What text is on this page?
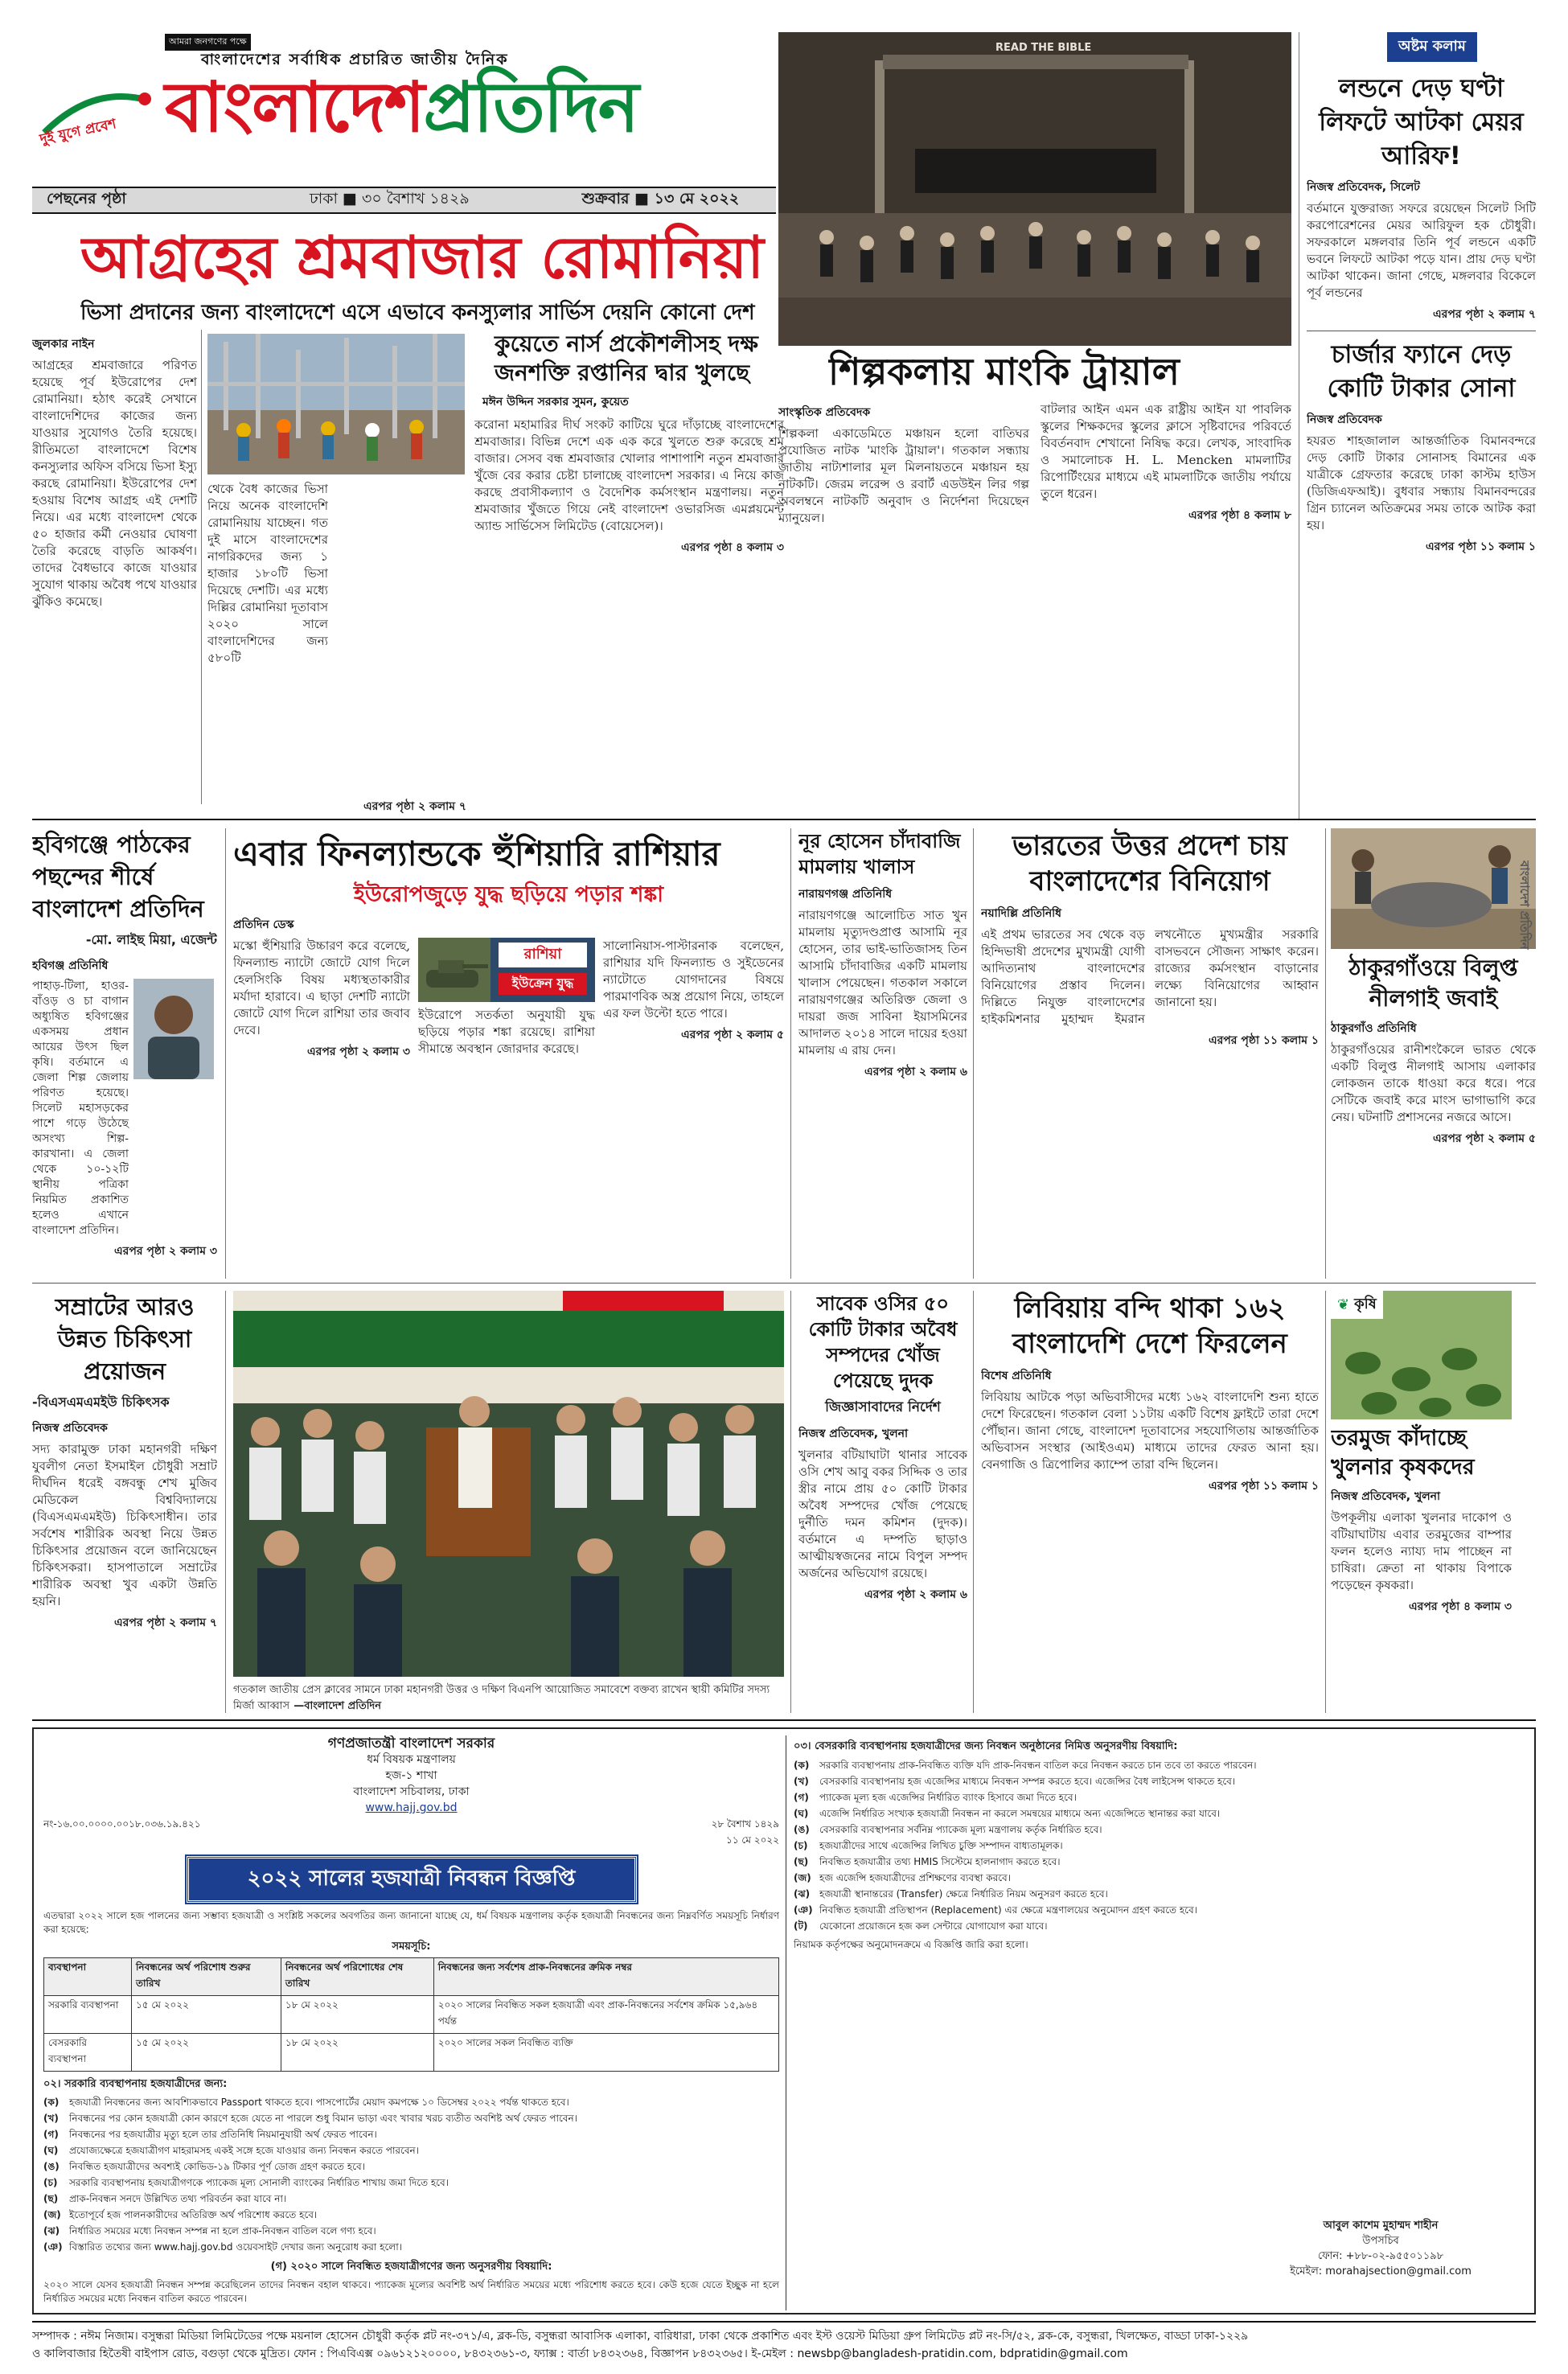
আমরা জনগণের পক্ষে
বাংলাদেশের সর্বাধিক প্রচারিত জাতীয় দৈনিক
দুই যুগে প্রবেশ বাংলাদেশপ্রতিদিন
পেছনের পৃষ্ঠা	ঢাকা ■ ৩০ বৈশাখ ১৪২৯	শুক্রবার ■ ১৩ মে ২০২২
আগ্রহের শ্রমবাজার রোমানিয়া
ভিসা প্রদানের জন্য বাংলাদেশে এসে এভাবে কনস্যুলার সার্ভিস দেয়নি কোনো দেশ
জুলকার নাইন
আগ্রহের শ্রমবাজারে পরিণত হয়েছে পূর্ব ইউরোপের দেশ রোমানিয়া। হঠাৎ করেই সেখানে বাংলাদেশিদের কাজের জন্য যাওয়ার সুযোগও তৈরি হয়েছে। রীতিমতো বাংলাদেশে বিশেষ কনস্যুলার অফিস বসিয়ে ভিসা ইস্যু করছে রোমানিয়া। ইউরোপের দেশ হওয়ায় বিশেষ আগ্রহ এই দেশটি নিয়ে। এর মধ্যে বাংলাদেশ থেকে ৫০ হাজার কর্মী নেওয়ার ঘোষণা তৈরি করেছে বাড়তি আকর্ষণ। তাদের বৈধভাবে কাজে যাওয়ার সুযোগ থাকায় অবৈধ পথে যাওয়ার ঝুঁকিও কমেছে।
থেকে বৈধ কাজের ভিসা নিয়ে অনেক বাংলাদেশি রোমানিয়ায় যাচ্ছেন। গত দুই মাসে বাংলাদেশের নাগরিকদের জন্য ১ হাজার ১৮০টি ভিসা দিয়েছে দেশটি। এর মধ্যে দিল্লির রোমানিয়া দূতাবাস ২০২০ সালে বাংলাদেশিদের জন্য ৫৮০টি
এরপর পৃষ্ঠা ২ কলাম ৭
কুয়েতে নার্স প্রকৌশলীসহ দক্ষ জনশক্তি রপ্তানির দ্বার খুলছে
মঈন উদ্দিন সরকার সুমন, কুয়েত
করোনা মহামারির দীর্ঘ সংকট কাটিয়ে ঘুরে দাঁড়াচ্ছে বাংলাদেশের শ্রমবাজার। বিভিন্ন দেশে এক এক করে খুলতে শুরু করেছে শ্রম বাজার। সেসব বন্ধ শ্রমবাজার খোলার পাশাপাশি নতুন শ্রমবাজার খুঁজে বের করার চেষ্টা চালাচ্ছে বাংলাদেশ সরকার। এ নিয়ে কাজ করছে প্রবাসীকল্যাণ ও বৈদেশিক কর্মসংস্থান মন্ত্রণালয়। নতুন শ্রমবাজার খুঁজতে গিয়ে নেই বাংলাদেশ ওভারসিজ এমপ্লয়মেন্ট অ্যান্ড সার্ভিসেস লিমিটেড (বোয়েসেল)।
এরপর পৃষ্ঠা ৪ কলাম ৩
READ THE BIBLE
শিল্পকলায় মাংকি ট্রায়াল
সাংস্কৃতিক প্রতিবেদক
শিল্পকলা একাডেমিতে মঞ্চায়ন হলো বাতিঘর প্রযোজিত নাটক 'মাংকি ট্রায়াল'। গতকাল সন্ধ্যায় জাতীয় নাট্যশালার মূল মিলনায়তনে মঞ্চায়ন হয় নাটকটি। জেরম লরেন্স ও রবার্ট এডউইন লির গল্প অবলম্বনে নাটকটি অনুবাদ ও নির্দেশনা দিয়েছেন ম্যানুয়েল।
বাটলার আইন এমন এক রাষ্ট্রীয় আইন যা পাবলিক স্কুলের শিক্ষকদের স্কুলের ক্লাসে সৃষ্টিবাদের পরিবর্তে বিবর্তনবাদ শেখানো নিষিদ্ধ করে। লেখক, সাংবাদিক ও সমালোচক H. L. Mencken মামলাটির রিপোর্টিংয়ের মাধ্যমে এই মামলাটিকে জাতীয় পর্যায়ে তুলে ধরেন।
এরপর পৃষ্ঠা ৪ কলাম ৮
অষ্টম কলাম
লন্ডনে দেড় ঘণ্টা লিফটে আটকা মেয়র আরিফ!
নিজস্ব প্রতিবেদক, সিলেট
বর্তমানে যুক্তরাজ্য সফরে রয়েছেন সিলেট সিটি করপোরেশনের মেয়র আরিফুল হক চৌধুরী। সফরকালে মঙ্গলবার তিনি পূর্ব লন্ডনে একটি ভবনে লিফটে আটকা পড়ে যান। প্রায় দেড় ঘণ্টা আটকা থাকেন। জানা গেছে, মঙ্গলবার বিকেলে পূর্ব লন্ডনের
এরপর পৃষ্ঠা ২ কলাম ৭
চার্জার ফ্যানে দেড় কোটি টাকার সোনা
নিজস্ব প্রতিবেদক
হযরত শাহজালাল আন্তর্জাতিক বিমানবন্দরে দেড় কোটি টাকার সোনাসহ বিমানের এক যাত্রীকে গ্রেফতার করেছে ঢাকা কাস্টম হাউস (ডিজিএফআই)। বুধবার সন্ধ্যায় বিমানবন্দরের গ্রিন চ্যানেল অতিক্রমের সময় তাকে আটক করা হয়।
এরপর পৃষ্ঠা ১১ কলাম ১
হবিগঞ্জে পাঠকের পছন্দের শীর্ষে বাংলাদেশ প্রতিদিন
-মো. লাইছ মিয়া, এজেন্ট
হবিগঞ্জ প্রতিনিধি
পাহাড়-টিলা, হাওর-বাঁওড় ও চা বাগান অধ্যুষিত হবিগঞ্জের একসময় প্রধান আয়ের উৎস ছিল কৃষি। বর্তমানে এ জেলা শিল্প জেলায় পরিণত হয়েছে। সিলেট মহাসড়কের পাশে গড়ে উঠেছে অসংখ্য শিল্প-কারখানা। এ জেলা থেকে ১০-১২টি স্থানীয় পত্রিকা নিয়মিত প্রকাশিত হলেও এখানে বাংলাদেশ প্রতিদিন।
এরপর পৃষ্ঠা ২ কলাম ৩
এবার ফিনল্যান্ডকে হুঁশিয়ারি রাশিয়ার
ইউরোপজুড়ে যুদ্ধ ছড়িয়ে পড়ার শঙ্কা
প্রতিদিন ডেস্ক
মস্কো হুঁশিয়ারি উচ্চারণ করে বলেছে, ফিনল্যান্ড ন্যাটো জোটে যোগ দিলে হেলসিংকি বিষয় মধ্যস্থতাকারীর মর্যাদা হারাবে। এ ছাড়া দেশটি ন্যাটো জোটে যোগ দিলে রাশিয়া তার জবাব দেবে।
এরপর পৃষ্ঠা ২ কলাম ৩
রাশিয়া
ইউক্রেন যুদ্ধ
ইউরোপে সতর্কতা অনুযায়ী যুদ্ধ ছড়িয়ে পড়ার শঙ্কা রয়েছে। রাশিয়া সীমান্তে অবস্থান জোরদার করেছে।
সালোনিয়াস-পাস্টারনাক বলেছেন, রাশিয়ার যদি ফিনল্যান্ড ও সুইডেনের ন্যাটোতে যোগদানের বিষয়ে পারমাণবিক অস্ত্র প্রয়োগ নিয়ে, তাহলে এর ফল উল্টো হতে পারে।
এরপর পৃষ্ঠা ২ কলাম ৫
নূর হোসেন চাঁদাবাজি মামলায় খালাস
নারায়ণগঞ্জ প্রতিনিধি
নারায়ণগঞ্জে আলোচিত সাত খুন মামলায় মৃত্যুদণ্ডপ্রাপ্ত আসামি নূর হোসেন, তার ভাই-ভাতিজাসহ তিন আসামি চাঁদাবাজির একটি মামলায় খালাস পেয়েছেন। গতকাল সকালে নারায়ণগঞ্জের অতিরিক্ত জেলা ও দায়রা জজ সাবিনা ইয়াসমিনের আদালত ২০১৪ সালে দায়ের হওয়া মামলায় এ রায় দেন।
এরপর পৃষ্ঠা ২ কলাম ৬
ভারতের উত্তর প্রদেশ চায় বাংলাদেশের বিনিয়োগ
নয়াদিল্লি প্রতিনিধি
এই প্রথম ভারতের সব থেকে বড় হিন্দিভাষী প্রদেশের মুখ্যমন্ত্রী যোগী আদিত্যনাথ বাংলাদেশের বিনিয়োগের প্রস্তাব দিলেন। দিল্লিতে নিযুক্ত বাংলাদেশের হাইকমিশনার মুহাম্মদ ইমরান লখনৌতে মুখ্যমন্ত্রীর সরকারি বাসভবনে সৌজন্য সাক্ষাৎ করেন। রাজ্যের কর্মসংস্থান বাড়ানোর লক্ষ্যে বিনিয়োগের আহ্বান জানানো হয়।
এরপর পৃষ্ঠা ১১ কলাম ১
ঠাকুরগাঁওয়ে বিলুপ্ত নীলগাই জবাই
ঠাকুরগাঁও প্রতিনিধি
ঠাকুরগাঁওয়ের রানীশংকৈলে ভারত থেকে একটি বিলুপ্ত নীলগাই আসায় এলাকার লোকজন তাকে ধাওয়া করে ধরে। পরে সেটিকে জবাই করে মাংস ভাগাভাগি করে নেয়। ঘটনাটি প্রশাসনের নজরে আসে।
এরপর পৃষ্ঠা ২ কলাম ৫
সম্রাটের আরও উন্নত চিকিৎসা প্রয়োজন
-বিএসএমএমইউ চিকিৎসক
নিজস্ব প্রতিবেদক
সদ্য কারামুক্ত ঢাকা মহানগরী দক্ষিণ যুবলীগ নেতা ইসমাইল চৌধুরী সম্রাট দীর্ঘদিন ধরেই বঙ্গবন্ধু শেখ মুজিব মেডিকেল বিশ্ববিদ্যালয়ে (বিএসএমএমইউ) চিকিৎসাধীন। তার সর্বশেষ শারীরিক অবস্থা নিয়ে উন্নত চিকিৎসার প্রয়োজন বলে জানিয়েছেন চিকিৎসকরা। হাসপাতালে সম্রাটের শারীরিক অবস্থা খুব একটা উন্নতি হয়নি।
এরপর পৃষ্ঠা ২ কলাম ৭
গতকাল জাতীয় প্রেস ক্লাবের সামনে ঢাকা মহানগরী উত্তর ও দক্ষিণ বিএনপি আয়োজিত সমাবেশে বক্তব্য রাখেন স্থায়ী কমিটির সদস্য মির্জা আব্বাস —বাংলাদেশ প্রতিদিন
সাবেক ওসির ৫০ কোটি টাকার অবৈধ সম্পদের খোঁজ পেয়েছে দুদক
জিজ্ঞাসাবাদের নির্দেশ
নিজস্ব প্রতিবেদক, খুলনা
খুলনার বটিয়াঘাটা থানার সাবেক ওসি শেখ আবু বকর সিদ্দিক ও তার স্ত্রীর নামে প্রায় ৫০ কোটি টাকার অবৈধ সম্পদের খোঁজ পেয়েছে দুর্নীতি দমন কমিশন (দুদক)। বর্তমানে এ দম্পতি ছাড়াও আত্মীয়স্বজনের নামে বিপুল সম্পদ অর্জনের অভিযোগ রয়েছে।
এরপর পৃষ্ঠা ২ কলাম ৬
লিবিয়ায় বন্দি থাকা ১৬২ বাংলাদেশি দেশে ফিরলেন
বিশেষ প্রতিনিধি
লিবিয়ায় আটকে পড়া অভিবাসীদের মধ্যে ১৬২ বাংলাদেশি শুন্য হাতে দেশে ফিরেছেন। গতকাল বেলা ১১টায় একটি বিশেষ ফ্লাইটে তারা দেশে পৌঁছান। জানা গেছে, বাংলাদেশ দূতাবাসের সহযোগিতায় আন্তর্জাতিক অভিবাসন সংস্থার (আইওএম) মাধ্যমে তাদের ফেরত আনা হয়। বেনগাজি ও ত্রিপোলির ক্যাম্পে তারা বন্দি ছিলেন।
এরপর পৃষ্ঠা ১১ কলাম ১
❦ কৃষি
তরমুজ কাঁদাচ্ছে খুলনার কৃষকদের
নিজস্ব প্রতিবেদক, খুলনা
উপকূলীয় এলাকা খুলনার দাকোপ ও বটিয়াঘাটায় এবার তরমুজের বাম্পার ফলন হলেও ন্যায্য দাম পাচ্ছেন না চাষিরা। ক্রেতা না থাকায় বিপাকে পড়েছেন কৃষকরা।
এরপর পৃষ্ঠা ৪ কলাম ৩
বাংলাদেশ প্রতিদিন
গণপ্রজাতন্ত্রী বাংলাদেশ সরকার
ধর্ম বিষয়ক মন্ত্রণালয়
হজ-১ শাখা
বাংলাদেশ সচিবালয়, ঢাকা
www.hajj.gov.bd
নং-১৬.০০.০০০০.০০১৮.০৩৬.১৯.৪২১	২৮ বৈশাখ ১৪২৯
১১ মে ২০২২
২০২২ সালের হজযাত্রী নিবন্ধন বিজ্ঞপ্তি
এতদ্বারা ২০২২ সালে হজ পালনের জন্য সম্ভাব্য হজযাত্রী ও সংশ্লিষ্ট সকলের অবগতির জন্য জানানো যাচ্ছে যে, ধর্ম বিষয়ক মন্ত্রণালয় কর্তৃক হজযাত্রী নিবন্ধনের জন্য নিম্নবর্ণিত সময়সূচি নির্ধারণ করা হয়েছে:
সময়সূচি:
ব্যবস্থাপনা	নিবন্ধনের অর্থ পরিশোধ শুরুর তারিখ	নিবন্ধনের অর্থ পরিশোধের শেষ তারিখ	নিবন্ধনের জন্য সর্বশেষ প্রাক-নিবন্ধনের ক্রমিক নম্বর
সরকারি ব্যবস্থাপনা	১৫ মে ২০২২	১৮ মে ২০২২	২০২০ সালের নিবন্ধিত সকল হজযাত্রী এবং প্রাক-নিবন্ধনের সর্বশেষ ক্রমিক ১৫,৯৬৪ পর্যন্ত
বেসরকারি ব্যবস্থাপনা	১৫ মে ২০২২	১৮ মে ২০২২	২০২০ সালের সকল নিবন্ধিত ব্যক্তি
০২। সরকারি ব্যবস্থাপনায় হজযাত্রীদের জন্য:
(ক)	হজযাত্রী নিবন্ধনের জন্য আবশ্যিকভাবে Passport থাকতে হবে। পাসপোর্টের মেয়াদ কমপক্ষে ১০ ডিসেম্বর ২০২২ পর্যন্ত থাকতে হবে।
(খ)	নিবন্ধনের পর কোন হজযাত্রী কোন কারণে হজে যেতে না পারলে শুধু বিমান ভাড়া এবং খাবার খরচ ব্যতীত অবশিষ্ট অর্থ ফেরত পাবেন।
(গ)	নিবন্ধনের পর হজযাত্রীর মৃত্যু হলে তার প্রতিনিধি নিয়মানুযায়ী অর্থ ফেরত পাবেন।
(ঘ)	প্রযোজ্যক্ষেত্রে হজযাত্রীগণ মাহরামসহ একই সঙ্গে হজে যাওয়ার জন্য নিবন্ধন করতে পারবেন।
(ঙ)	নিবন্ধিত হজযাত্রীদের অবশ্যই কোভিড-১৯ টিকার পূর্ণ ডোজ গ্রহণ করতে হবে।
(চ)	সরকারি ব্যবস্থাপনায় হজযাত্রীগণকে প্যাকেজ মূল্য সোনালী ব্যাংকের নির্ধারিত শাখায় জমা দিতে হবে।
(ছ)	প্রাক-নিবন্ধন সনদে উল্লিখিত তথ্য পরিবর্তন করা যাবে না।
(জ) ইতোপূর্বে হজ পালনকারীদের অতিরিক্ত অর্থ পরিশোধ করতে হবে।
(ঝ) নির্ধারিত সময়ের মধ্যে নিবন্ধন সম্পন্ন না হলে প্রাক-নিবন্ধন বাতিল বলে গণ্য হবে।
(ঞ) বিস্তারিত তথ্যের জন্য www.hajj.gov.bd ওয়েবসাইট দেখার জন্য অনুরোধ করা হলো।
(গ) ২০২০ সালে নিবন্ধিত হজযাত্রীগণের জন্য অনুসরণীয় বিষয়াদি:
২০২০ সালে যেসব হজযাত্রী নিবন্ধন সম্পন্ন করেছিলেন তাদের নিবন্ধন বহাল থাকবে। প্যাকেজ মূল্যের অবশিষ্ট অর্থ নির্ধারিত সময়ের মধ্যে পরিশোধ করতে হবে। কেউ হজে যেতে ইচ্ছুক না হলে নির্ধারিত সময়ের মধ্যে নিবন্ধন বাতিল করতে পারবেন।
০৩। বেসরকারি ব্যবস্থাপনায় হজযাত্রীদের জন্য নিবন্ধন অনুষ্ঠানের নিমিত্ত অনুসরণীয় বিষয়াদি:
(ক)	সরকারি ব্যবস্থাপনায় প্রাক-নিবন্ধিত ব্যক্তি যদি প্রাক-নিবন্ধন বাতিল করে নিবন্ধন করতে চান তবে তা করতে পারবেন।
(খ)	বেসরকারি ব্যবস্থাপনায় হজ এজেন্সির মাধ্যমে নিবন্ধন সম্পন্ন করতে হবে। এজেন্সির বৈধ লাইসেন্স থাকতে হবে।
(গ)	প্যাকেজ মূল্য হজ এজেন্সির নির্ধারিত ব্যাংক হিসাবে জমা দিতে হবে।
(ঘ)	এজেন্সি নির্ধারিত সংখ্যক হজযাত্রী নিবন্ধন না করলে সমন্বয়ের মাধ্যমে অন্য এজেন্সিতে স্থানান্তর করা যাবে।
(ঙ)	বেসরকারি ব্যবস্থাপনার সর্বনিম্ন প্যাকেজ মূল্য মন্ত্রণালয় কর্তৃক নির্ধারিত হবে।
(চ)	হজযাত্রীদের সাথে এজেন্সির লিখিত চুক্তি সম্পাদন বাধ্যতামূলক।
(ছ)	নিবন্ধিত হজযাত্রীর তথ্য HMIS সিস্টেমে হালনাগাদ করতে হবে।
(জ) হজ এজেন্সি হজযাত্রীদের প্রশিক্ষণের ব্যবস্থা করবে।
(ঝ) হজযাত্রী স্থানান্তরের (Transfer) ক্ষেত্রে নির্ধারিত নিয়ম অনুসরণ করতে হবে।
(ঞ) নিবন্ধিত হজযাত্রী প্রতিস্থাপন (Replacement) এর ক্ষেত্রে মন্ত্রণালয়ের অনুমোদন গ্রহণ করতে হবে।
(ট)	যেকোনো প্রয়োজনে হজ কল সেন্টারে যোগাযোগ করা যাবে।
নিয়ামক কর্তৃপক্ষের অনুমোদনক্রমে এ বিজ্ঞপ্তি জারি করা হলো।
আবুল কাশেম মুহাম্মদ শাহীন
উপসচিব
ফোন: +৮৮-০২-৯৫৫০১১৯৮
ইমেইল: morahajsection@gmail.com
সম্পাদক : নঈম নিজাম। বসুন্ধরা মিডিয়া লিমিটেডের পক্ষে ময়নাল হোসেন চৌধুরী কর্তৃক প্লট নং-৩৭১/এ, ব্লক-ডি, বসুন্ধরা আবাসিক এলাকা, বারিধারা, ঢাকা থেকে প্রকাশিত এবং ইস্ট ওয়েস্ট মিডিয়া গ্রুপ লিমিটেড প্লট নং-সি/৫২, ব্লক-কে, বসুন্ধরা, খিলক্ষেত, বাড্ডা ঢাকা-১২২৯
ও কালিবাজার হিতৈষী বাইপাস রোড, বগুড়া থেকে মুদ্রিত। ফোন : পিএবিএক্স ০৯৬১২১২০০০০, ৮৪৩২৩৬১-৩, ফ্যাক্স : বার্তা ৮৪৩২৩৬৪, বিজ্ঞাপন ৮৪৩২৩৬৫। ই-মেইল : newsbp@bangladesh-pratidin.com, bdpratidin@gmail.com
